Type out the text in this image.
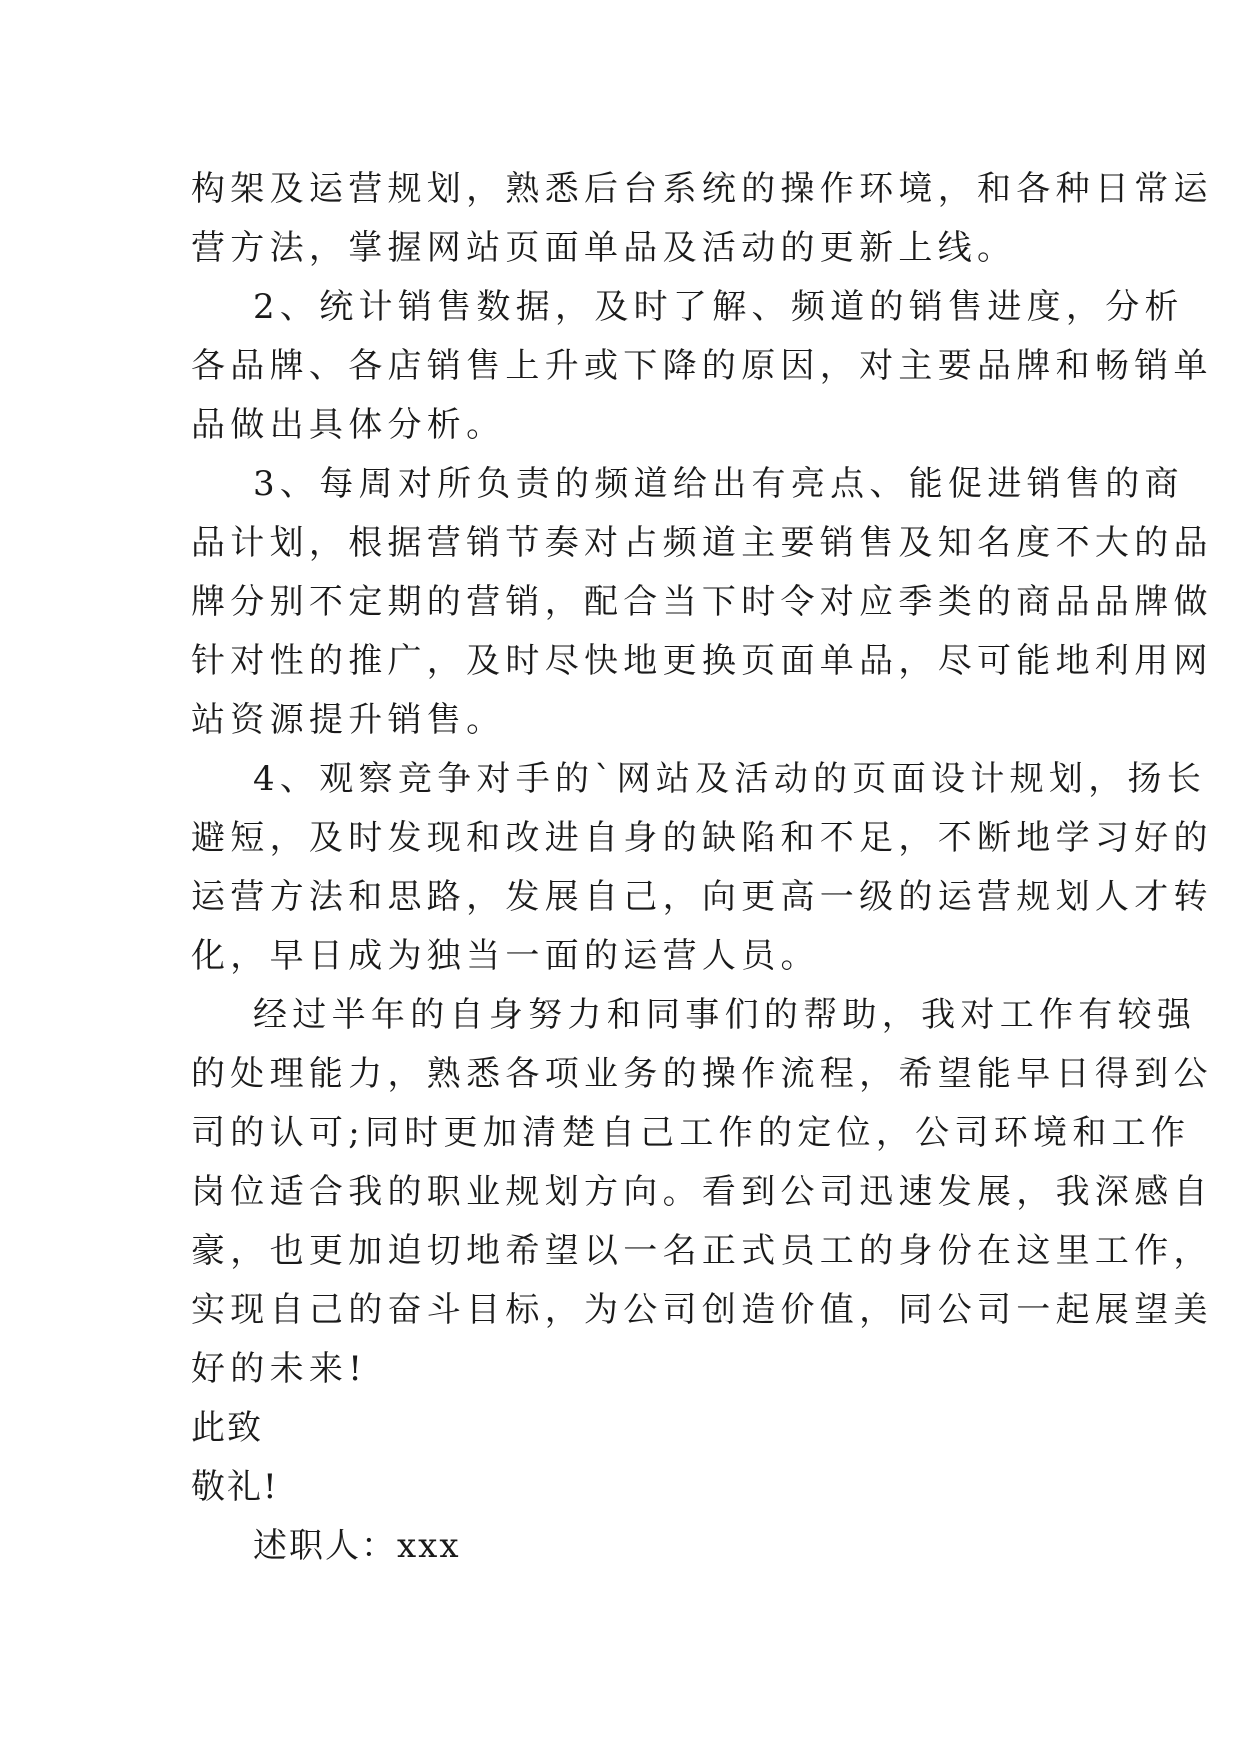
构架及运营规划，熟悉后台系统的操作环境，和各种日常运
营方法，掌握网站页面单品及活动的更新上线。
2、统计销售数据，及时了解、频道的销售进度，分析
各品牌、各店销售上升或下降的原因，对主要品牌和畅销单
品做出具体分析。
3、每周对所负责的频道给出有亮点、能促进销售的商
品计划，根据营销节奏对占频道主要销售及知名度不大的品
牌分别不定期的营销，配合当下时令对应季类的商品品牌做
针对性的推广，及时尽快地更换页面单品，尽可能地利用网
站资源提升销售。
4、观察竞争对手的`网站及活动的页面设计规划，扬长
避短，及时发现和改进自身的缺陷和不足，不断地学习好的
运营方法和思路，发展自己，向更高一级的运营规划人才转
化，早日成为独当一面的运营人员。
经过半年的自身努力和同事们的帮助，我对工作有较强
的处理能力，熟悉各项业务的操作流程，希望能早日得到公
司的认可;同时更加清楚自己工作的定位，公司环境和工作
岗位适合我的职业规划方向。看到公司迅速发展，我深感自
豪，也更加迫切地希望以一名正式员工的身份在这里工作，
实现自己的奋斗目标，为公司创造价值，同公司一起展望美
好的未来!
此致
敬礼!
述职人：xxx
